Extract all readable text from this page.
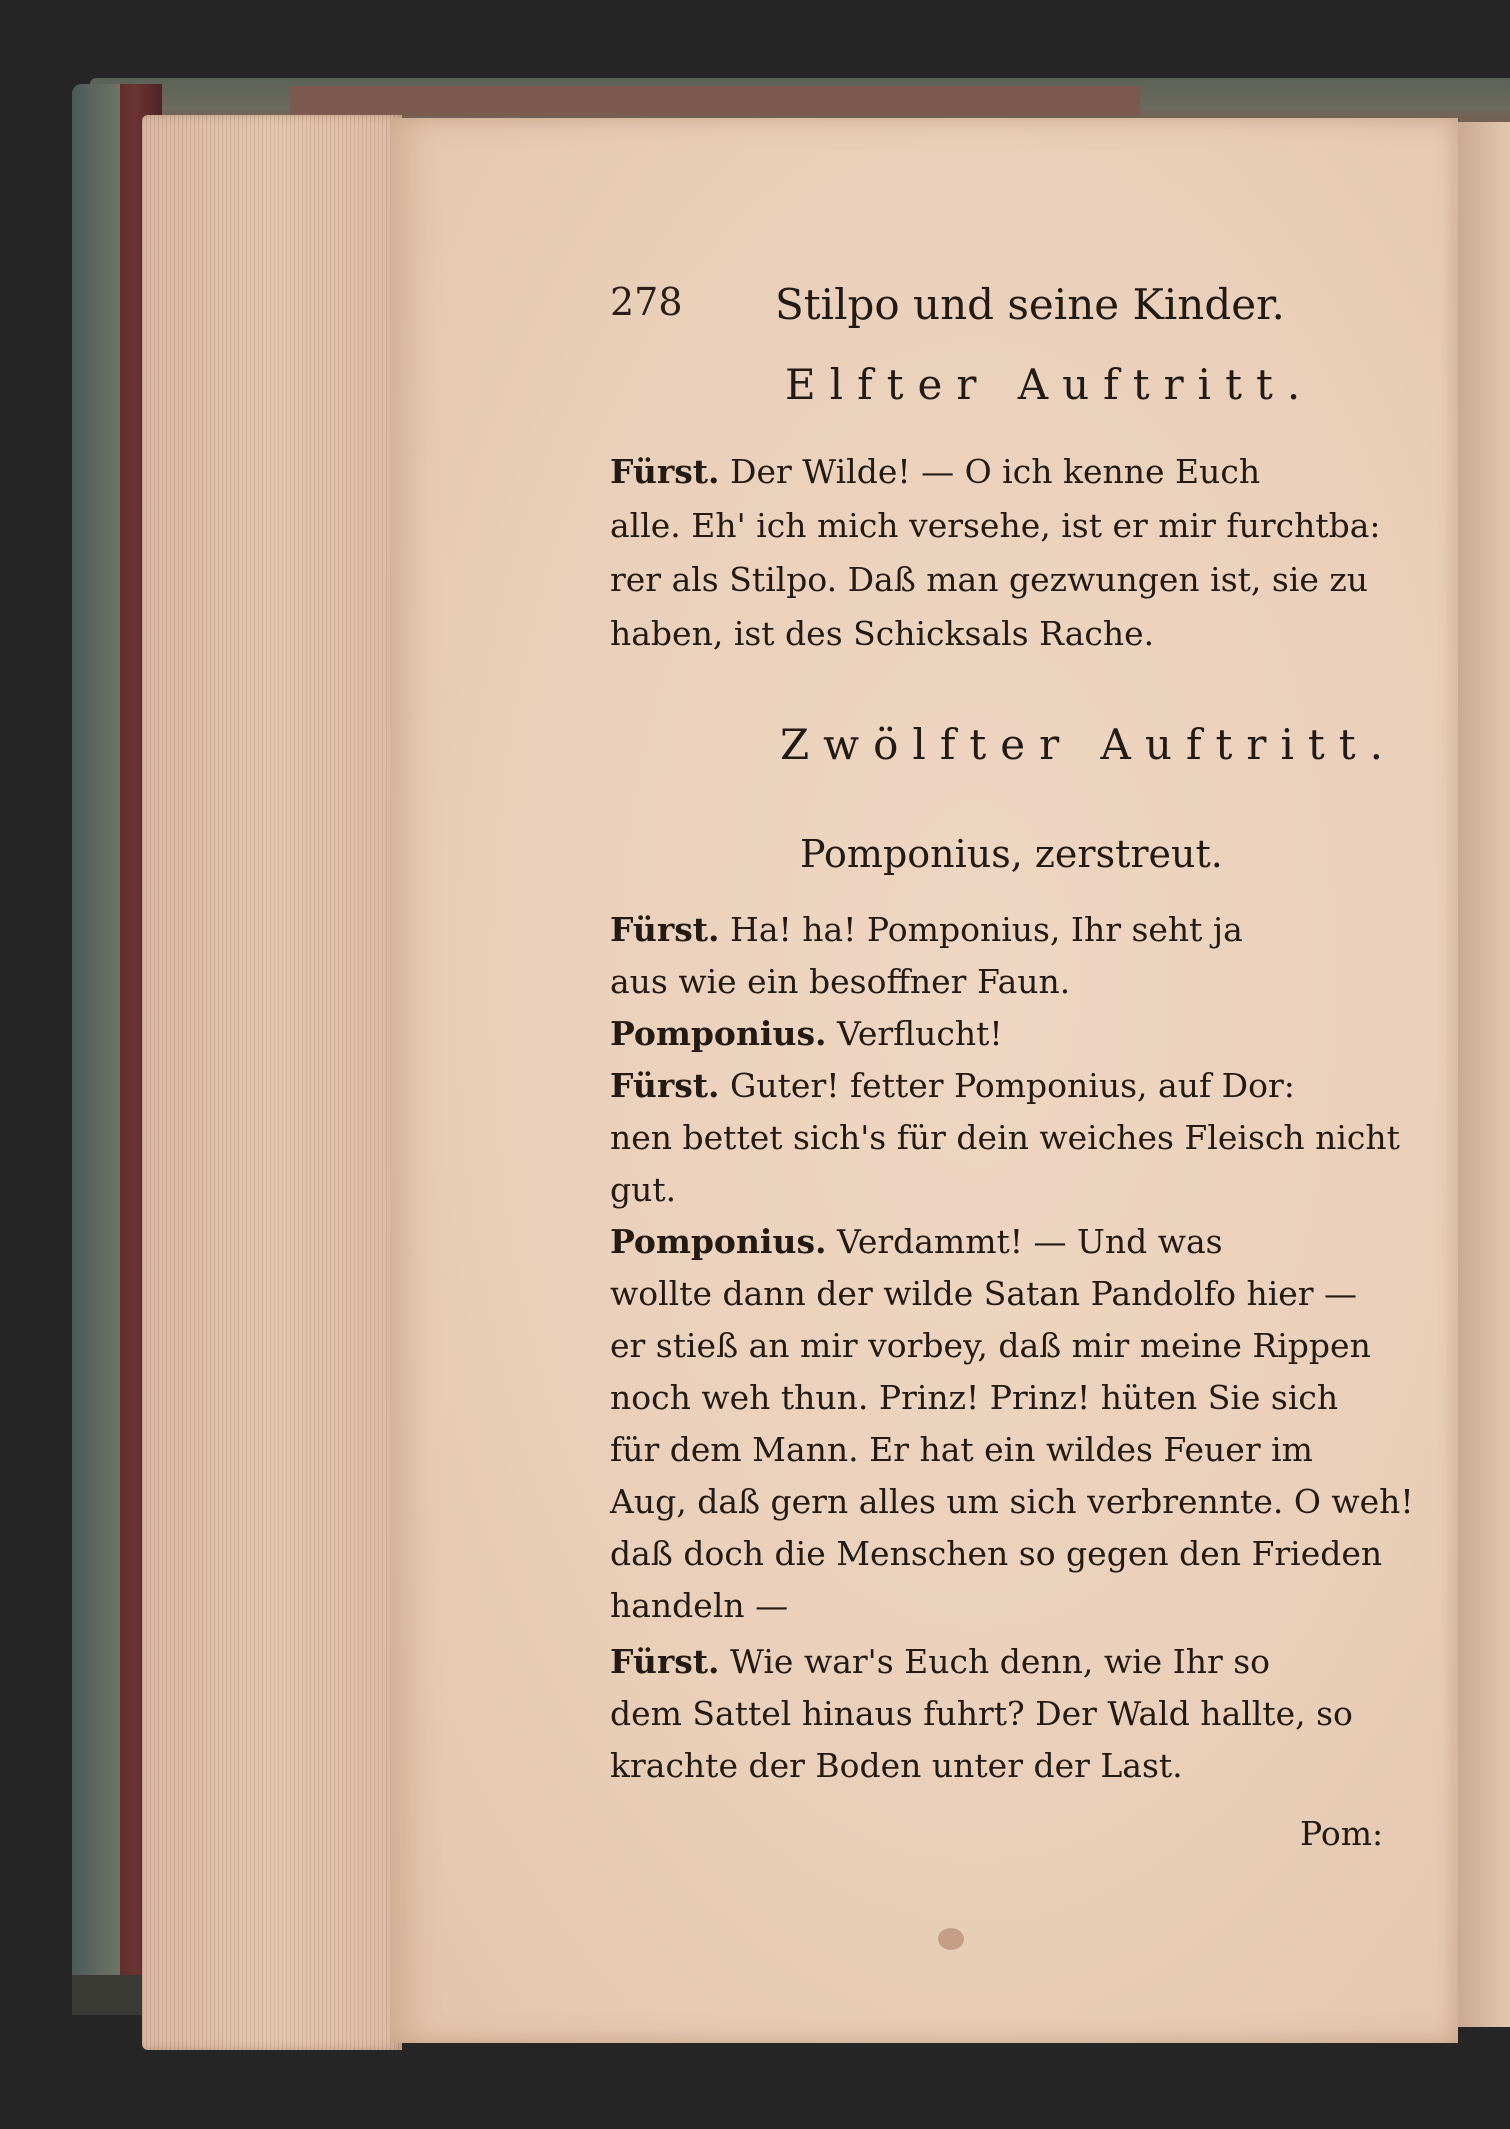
278 Stilpo und seine Kinder.
Elfter Auftritt.
Fürst. Der Wilde! — O ich kenne Euch
alle. Eh' ich mich versehe, ist er mir furchtba:
rer als Stilpo. Daß man gezwungen ist, sie zu
haben, ist des Schicksals Rache.
Zwölfter Auftritt.
Pomponius, zerstreut.
Fürst. Ha! ha! Pomponius, Ihr seht ja
aus wie ein besoffner Faun.
Pomponius. Verflucht!
Fürst. Guter! fetter Pomponius, auf Dor:
nen bettet sich's für dein weiches Fleisch nicht
gut.
Pomponius. Verdammt! — Und was
wollte dann der wilde Satan Pandolfo hier —
er stieß an mir vorbey, daß mir meine Rippen
noch weh thun. Prinz! Prinz! hüten Sie sich
für dem Mann. Er hat ein wildes Feuer im
Aug, daß gern alles um sich verbrennte. O weh!
daß doch die Menschen so gegen den Frieden
handeln —
Fürst. Wie war's Euch denn, wie Ihr so
dem Sattel hinaus fuhrt? Der Wald hallte, so
krachte der Boden unter der Last.
Pom:
